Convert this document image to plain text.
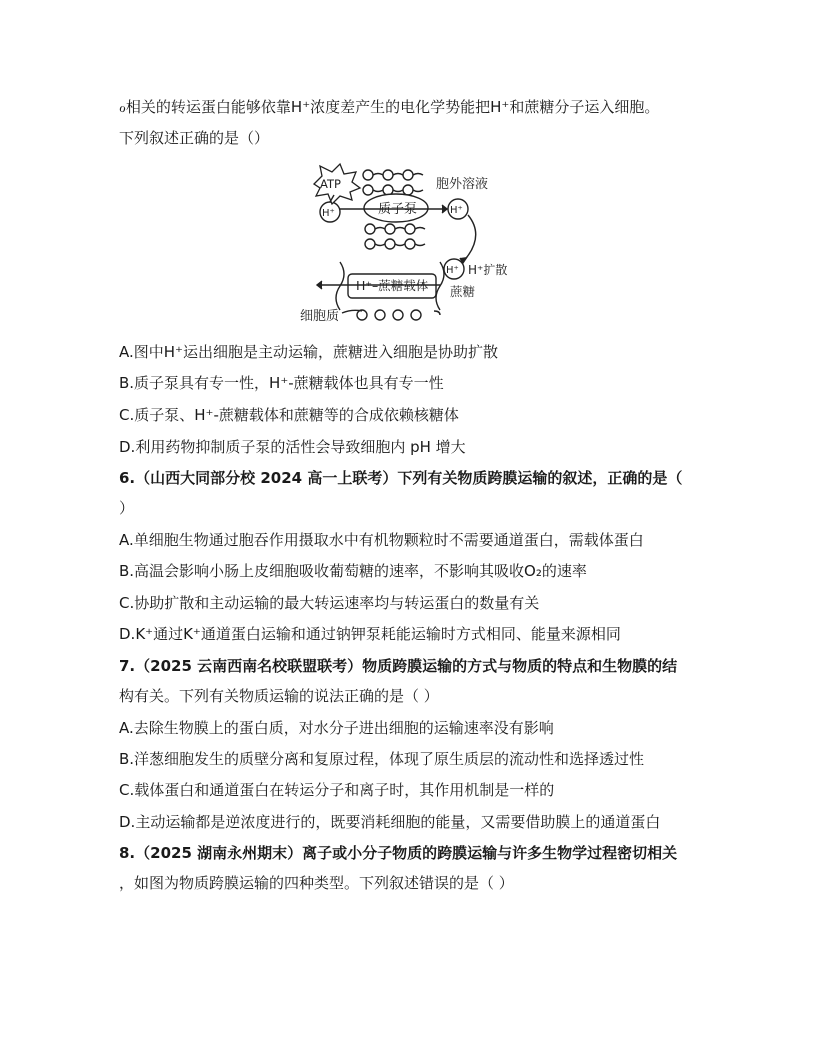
ℴ相关的转运蛋白能够依靠H⁺浓度差产生的电化学势能把H⁺和蔗糖分子运入细胞。
下列叙述正确的是（）
ATP	胞外溶液
质子泵
H⁺	H⁺
H⁺ H⁺扩散
H⁺–蔗糖载体 蔗糖
细胞质
A.图中H⁺运出细胞是主动运输，蔗糖进入细胞是协助扩散
B.质子泵具有专一性，H⁺-蔗糖载体也具有专一性
C.质子泵、H⁺-蔗糖载体和蔗糖等的合成依赖核糖体
D.利用药物抑制质子泵的活性会导致细胞内 pH 增大
6.（山西大同部分校 2024 高一上联考）下列有关物质跨膜运输的叙述，正确的是（
）
A.单细胞生物通过胞吞作用摄取水中有机物颗粒时不需要通道蛋白，需载体蛋白
B.高温会影响小肠上皮细胞吸收葡萄糖的速率，不影响其吸收O₂的速率
C.协助扩散和主动运输的最大转运速率均与转运蛋白的数量有关
D.K⁺通过K⁺通道蛋白运输和通过钠钾泵耗能运输时方式相同、能量来源相同
7.（2025 云南西南名校联盟联考）物质跨膜运输的方式与物质的特点和生物膜的结
构有关。下列有关物质运输的说法正确的是（ ）
A.去除生物膜上的蛋白质，对水分子进出细胞的运输速率没有影响
B.洋葱细胞发生的质壁分离和复原过程，体现了原生质层的流动性和选择透过性
C.载体蛋白和通道蛋白在转运分子和离子时，其作用机制是一样的
D.主动运输都是逆浓度进行的，既要消耗细胞的能量，又需要借助膜上的通道蛋白
8.（2025 湖南永州期末）离子或小分子物质的跨膜运输与许多生物学过程密切相关
，如图为物质跨膜运输的四种类型。下列叙述错误的是（ ）
